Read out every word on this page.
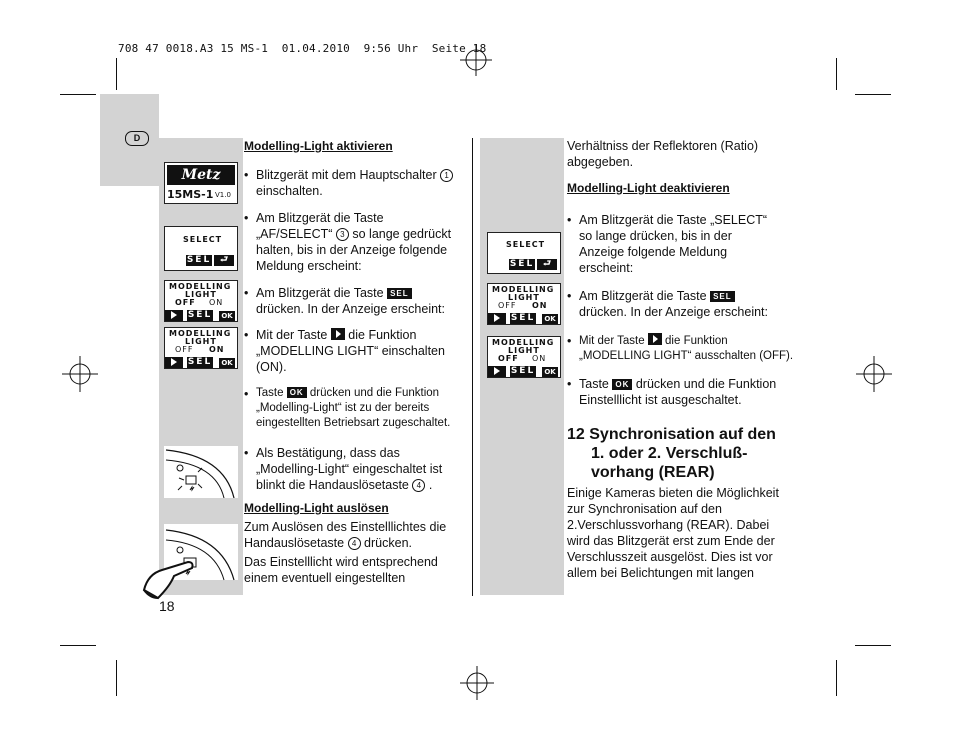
708 47 0018.A3 15 MS-1  01.04.2010  9:56 Uhr  Seite 18
D
Metz
15MS-1 V1.0
SELECT
SEL ⮐
MODELLING
LIGHT
OFF ON
SEL	OK
MODELLING
LIGHT
OFF ON
SEL	OK
18
Modelling-Light aktivieren
• Blitzgerät mit dem Hauptschalter 1
einschalten.
• Am Blitzgerät die Taste
„AF/SELECT“ 3 so lange gedrückt
halten, bis in der Anzeige folgende
Meldung erscheint:
• Am Blitzgerät die Taste SEL
drücken. In der Anzeige erscheint:
• Mit der Taste die Funktion
„MODELLING LIGHT“ einschalten
(ON).
• Taste OK drücken und die Funktion
„Modelling-Light“ ist zu der bereits
eingestellten Betriebsart zugeschaltet.
• Als Bestätigung, dass das
„Modelling-Light“ eingeschaltet ist
blinkt die Handauslösetaste 4 .
Modelling-Light auslösen
Zum Auslösen des Einstelllichtes die
Handauslösetaste 4 drücken.
Das Einstelllicht wird entsprechend
einem eventuell eingestellten
SELECT
SEL ⮐
MODELLING
LIGHT
OFF ON
SEL	OK
MODELLING
LIGHT
OFF ON
SEL	OK
Verhältniss der Reflektoren (Ratio)
abgegeben.
Modelling-Light deaktivieren
• Am Blitzgerät die Taste „SELECT“
so lange drücken, bis in der
Anzeige folgende Meldung
erscheint:
• Am Blitzgerät die Taste SEL
drücken. In der Anzeige erscheint:
• Mit der Taste die Funktion
„MODELLING LIGHT“ ausschalten (OFF).
• Taste OK drücken und die Funktion
Einstelllicht ist ausgeschaltet.
12 Synchronisation auf den
1. oder 2. Verschluß-
vorhang (REAR)
Einige Kameras bieten die Möglichkeit
zur Synchronisation auf den
2.Verschlussvorhang (REAR). Dabei
wird das Blitzgerät erst zum Ende der
Verschlusszeit ausgelöst. Dies ist vor
allem bei Belichtungen mit langen
